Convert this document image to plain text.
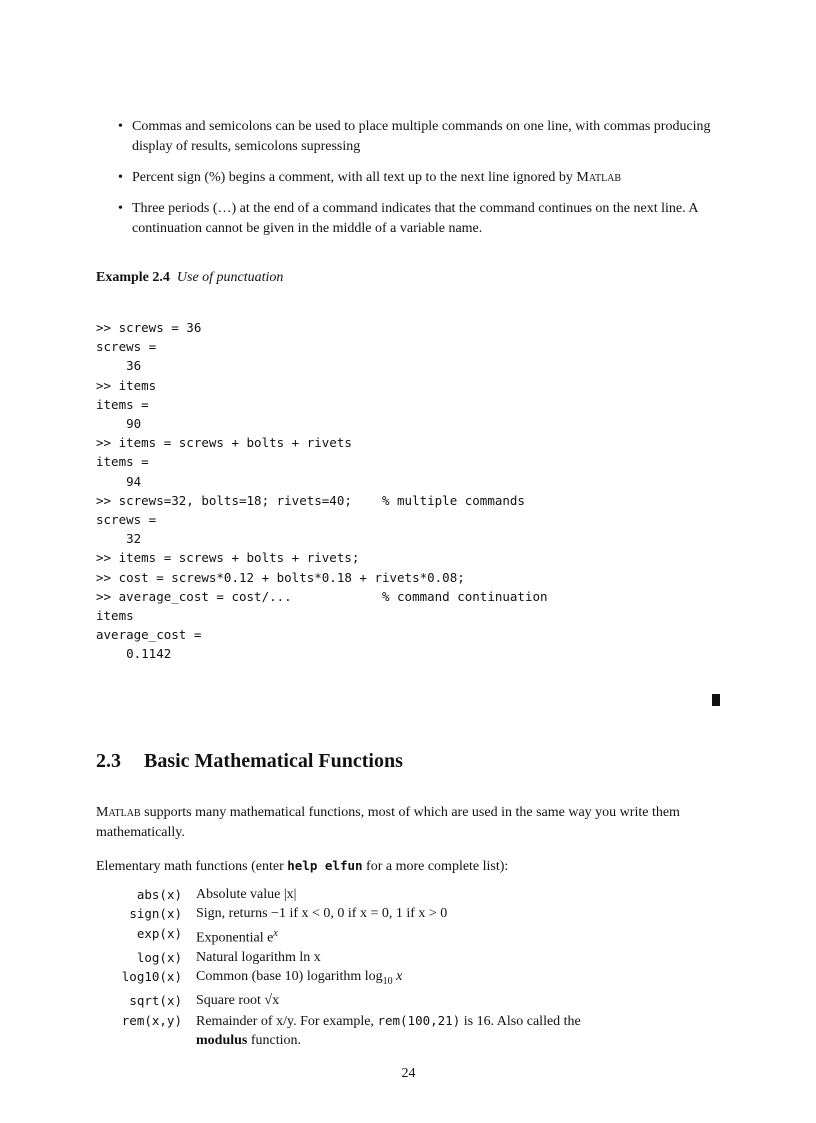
• Commas and semicolons can be used to place multiple commands on one line, with commas producing display of results, semicolons supressing
• Percent sign (%) begins a comment, with all text up to the next line ignored by Matlab
• Three periods (…) at the end of a command indicates that the command continues on the next line. A continuation cannot be given in the middle of a variable name.
Example 2.4 Use of punctuation
>> screws = 36
screws =
36
>> items
items =
90
>> items = screws + bolts + rivets
items =
94
>> screws=32, bolts=18; rivets=40;    % multiple commands
screws =
32
>> items = screws + bolts + rivets;
>> cost = screws*0.12 + bolts*0.18 + rivets*0.08;
>> average_cost = cost/...            % command continuation
items
average_cost =
0.1142
2.3 Basic Mathematical Functions
Matlab supports many mathematical functions, most of which are used in the same way you write them mathematically.
Elementary math functions (enter help elfun for a more complete list):
abs(x)	Absolute value |x|
sign(x)	Sign, returns −1 if x < 0, 0 if x = 0, 1 if x > 0
exp(x)	Exponential $e^x$
log(x)	Natural logarithm ln x
log10(x)	Common (base 10) logarithm $\log_{10} x$
sqrt(x)	Square root √x
rem(x,y)	Remainder of x/y. For example, rem(100,21) is 16. Also called the modulus function.
24
